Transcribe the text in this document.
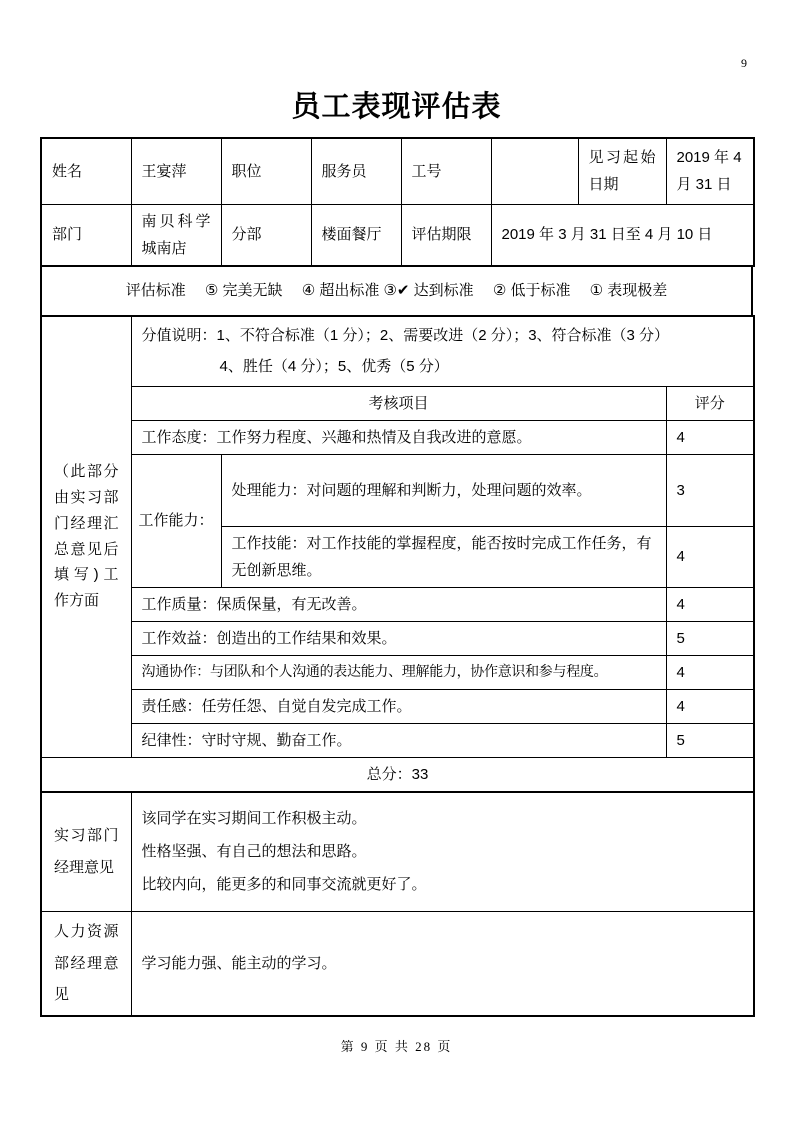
9
员工表现评估表
姓名	王宴萍	职位	服务员	工号		见习起始日期	2019 年 4 月 31 日
部门	南贝科学城南店	分部	楼面餐厅	评估期限	2019 年 3 月 31 日至 4 月 10 日		
评估标准　 ⑤ 完美无缺　 ④ 超出标准 ③✔ 达到标准　 ② 低于标准　 ① 表现极差
（此部分由实习部门经理汇总意见后填写)工作方面	分值说明：1、不符合标准（1 分）；2、需要改进（2 分）；3、符合标准（3 分）
4、胜任（4 分）；5、优秀（5 分）		

	考核项目		评分
	工作态度：工作努力程度、兴趣和热情及自我改进的意愿。		4
	工作能力：	处理能力：对问题的理解和判断力，处理问题的效率。	3
		工作技能：对工作技能的掌握程度，能否按时完成工作任务，有无创新思维。	4
	工作质量：保质保量，有无改善。		4
	工作效益：创造出的工作结果和效果。		5
	沟通协作：与团队和个人沟通的表达能力、理解能力，协作意识和参与程度。		4
	责任感：任劳任怨、自觉自发完成工作。		4
	纪律性：守时守规、勤奋工作。		5
总分：33			
实习部门经理意见	该同学在实习期间工作积极主动。
性格坚强、有自己的想法和思路。
比较内向，能更多的和同事交流就更好了。

人力资源部经理意见	学习能力强、能主动的学习。
第 9 页 共 28 页
